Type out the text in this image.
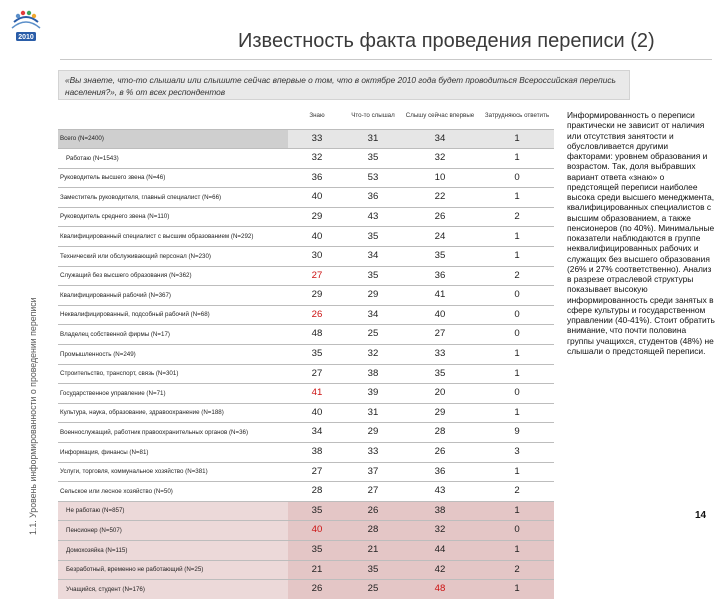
2010	Известность факта проведения переписи (2)
«Вы знаете, что-то слышали или слышите сейчас впервые о том, что в октябре 2010 года будет проводиться Всероссийская перепись населения?», в % от всех респондентов
1.1. Уровень информированности о проведении переписи
	Знаю	Что-то слышал	Слышу сейчас впервые	Затрудняюсь ответить
Всего (N=2400)	33	31	34	1
Работаю (N=1543)	32	35	32	1
Руководитель высшего звена (N=46)	36	53	10	0
Заместитель руководителя, главный специалист (N=66)	40	36	22	1
Руководитель среднего звена (N=110)	29	43	26	2
Квалифицированный специалист с высшим образованием (N=292)	40	35	24	1
Технический или обслуживающий персонал (N=230)	30	34	35	1
Служащий без высшего образования (N=362)	27	35	36	2
Квалифицированный рабочий (N=367)	29	29	41	0
Неквалифицированный, подсобный рабочий (N=68)	26	34	40	0
Владелец собственной фирмы (N=17)	48	25	27	0
Промышленность (N=249)	35	32	33	1
Строительство, транспорт, связь (N=301)	27	38	35	1
Государственное управление (N=71)	41	39	20	0
Культура, наука, образование, здравоохранение (N=188)	40	31	29	1
Военнослужащий, работник правоохранительных органов (N=36)	34	29	28	9
Информация, финансы (N=81)	38	33	26	3
Услуги, торговля, коммунальное хозяйство (N=381)	27	37	36	1
Сельское или лесное хозяйство (N=50)	28	27	43	2
Не работаю (N=857)	35	26	38	1
Пенсионер (N=507)	40	28	32	0
Домохозяйка (N=115)	35	21	44	1
Безработный, временно не работающий (N=25)	21	35	42	2
Учащийся, студент (N=176)	26	25	48	1
Информированность о переписи практически не зависит от наличия или отсутствия занятости и обусловливается другими факторами: уровнем образования и возрастом. Так, доля выбравших вариант ответа «знаю» о предстоящей переписи наиболее высока среди высшего менеджмента, квалифицированных специалистов с высшим образованием, а также пенсионеров (по 40%). Минимальные показатели наблюдаются в группе неквалифицированных рабочих и служащих без высшего образования (26% и 27% соответственно). Анализ в разрезе отраслевой структуры показывает высокую информированность среди занятых в сфере культуры и государственном управлении (40-41%). Стоит обратить внимание, что почти половина группы учащихся, студентов (48%) не слышали о предстоящей переписи.
14
